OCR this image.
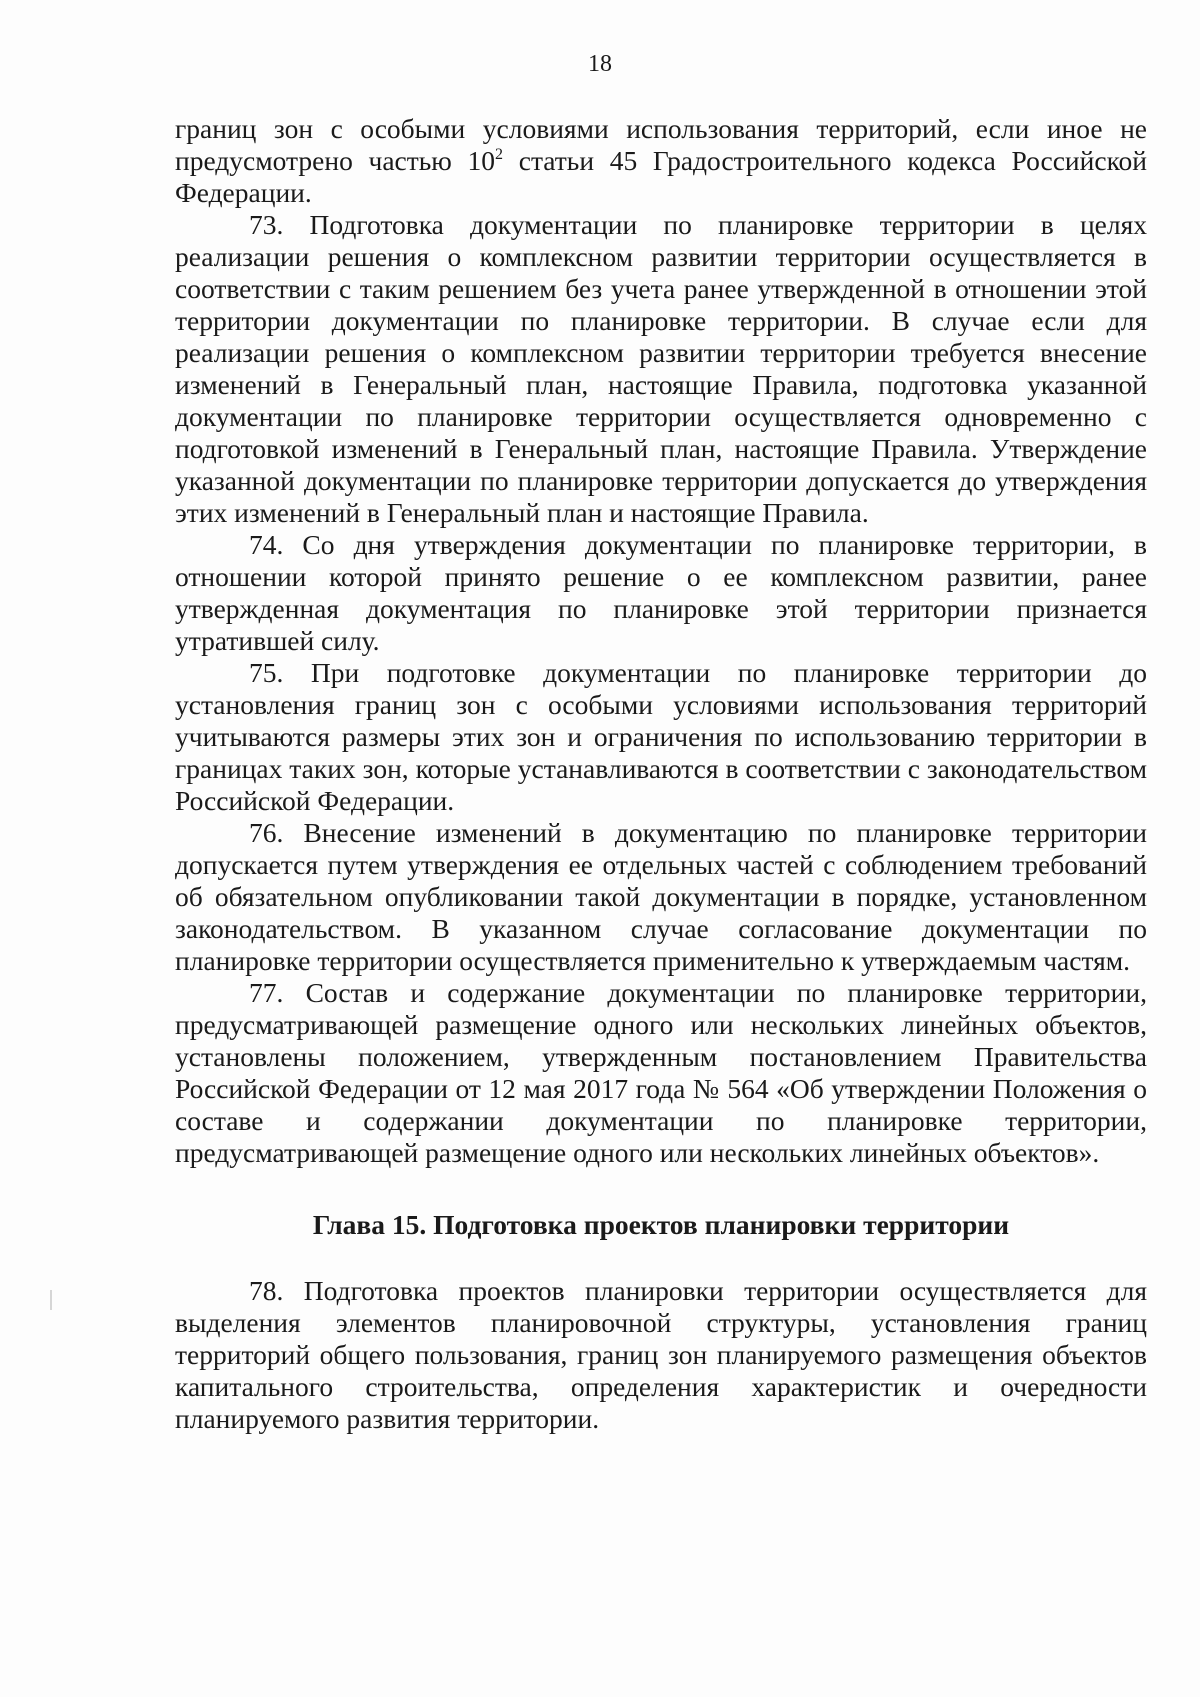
18

границ зон с особыми условиями использования территорий, если иное не предусмотрено частью $10^2$ статьи 45 Градостроительного кодекса Российской Федерации.

73. Подготовка документации по планировке территории в целях реализации решения о комплексном развитии территории осуществляется в соответствии с таким решением без учета ранее утвержденной в отношении этой территории документации по планировке территории. В случае если для реализации решения о комплексном развитии территории требуется внесение изменений в Генеральный план, настоящие Правила, подготовка указанной документации по планировке территории осуществляется одновременно с подготовкой изменений в Генеральный план, настоящие Правила. Утверждение указанной документации по планировке территории допускается до утверждения этих изменений в Генеральный план и настоящие Правила.

74. Со дня утверждения документации по планировке территории, в отношении которой принято решение о ее комплексном развитии, ранее утвержденная документация по планировке этой территории признается утратившей силу.

75. При подготовке документации по планировке территории до установления границ зон с особыми условиями использования территорий учитываются размеры этих зон и ограничения по использованию территории в границах таких зон, которые устанавливаются в соответствии с законодательством Российской Федерации.

76. Внесение изменений в документацию по планировке территории допускается путем утверждения ее отдельных частей с соблюдением требований об обязательном опубликовании такой документации в порядке, установленном законодательством. В указанном случае согласование документации по планировке территории осуществляется применительно к утверждаемым частям.

77. Состав и содержание документации по планировке территории, предусматривающей размещение одного или нескольких линейных объектов, установлены положением, утвержденным постановлением Правительства Российской Федерации от 12 мая 2017 года № 564 «Об утверждении Положения о составе и содержании документации по планировке территории, предусматривающей размещение одного или нескольких линейных объектов».

Глава 15. Подготовка проектов планировки территории

78. Подготовка проектов планировки территории осуществляется для выделения элементов планировочной структуры, установления границ территорий общего пользования, границ зон планируемого размещения объектов капитального строительства, определения характеристик и очередности планируемого развития территории.
